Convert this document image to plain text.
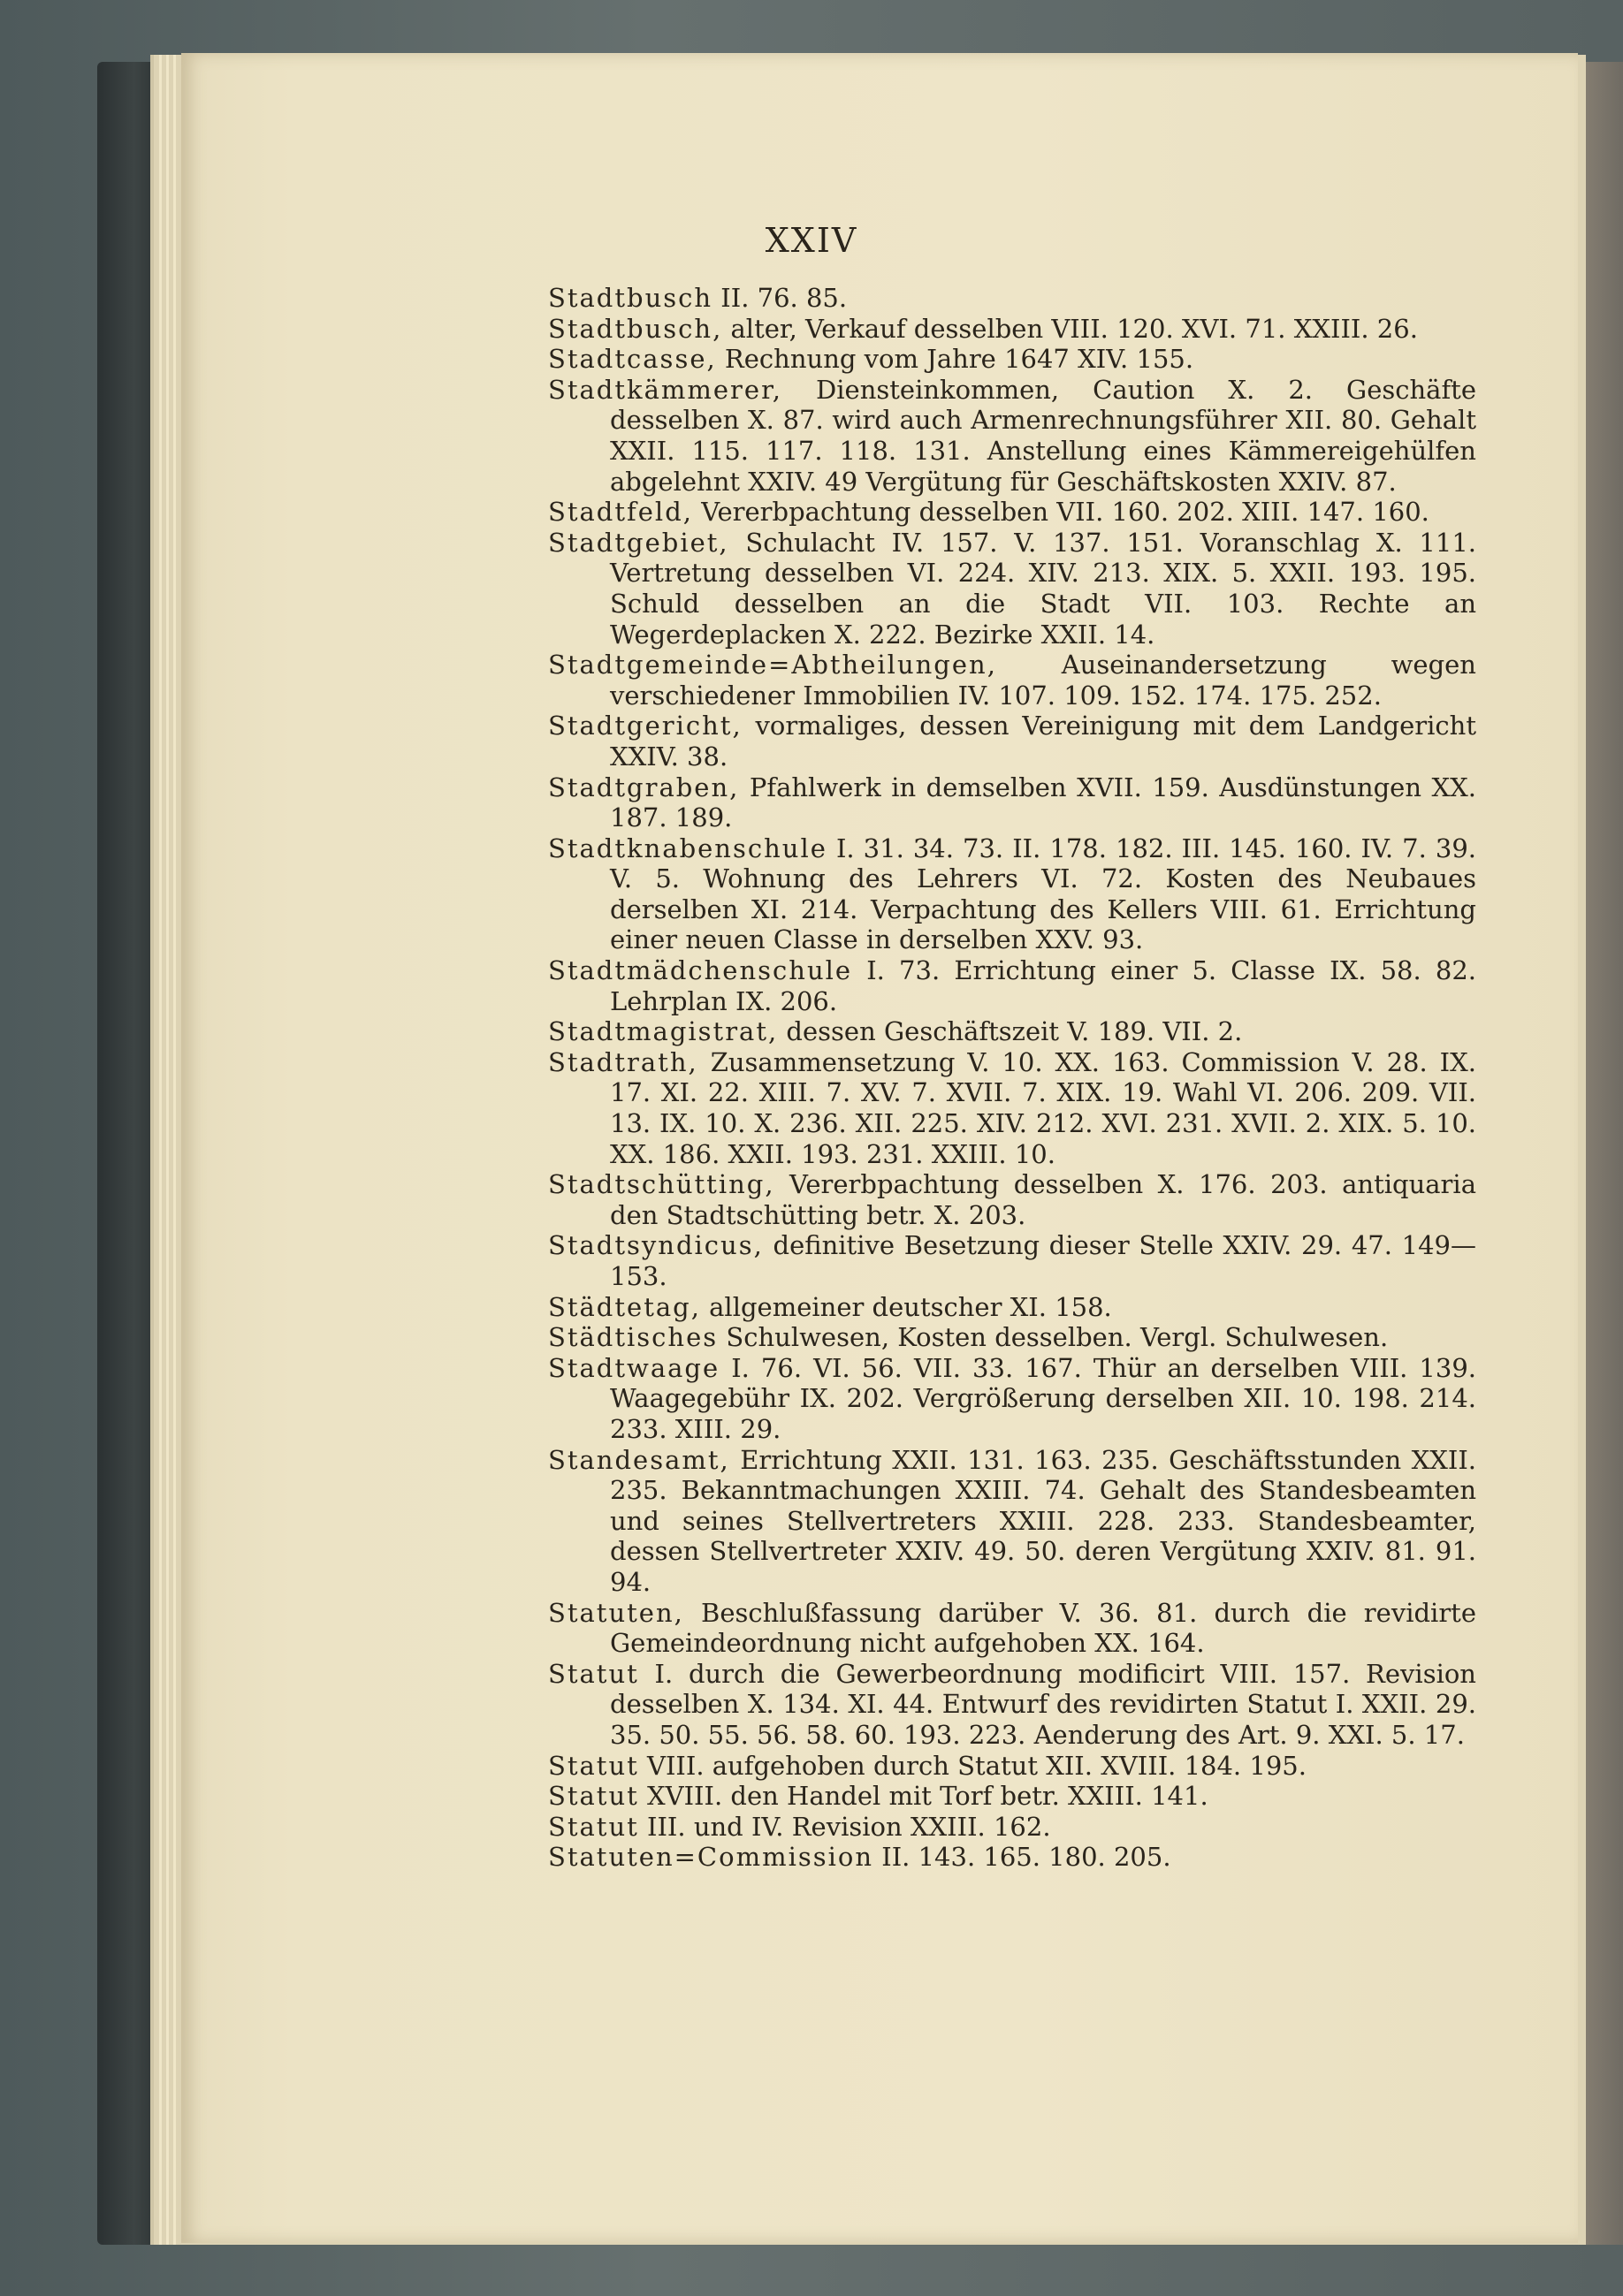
XXIV
Stadtbusch II. 76. 85.
Stadtbusch, alter, Verkauf desselben VIII. 120. XVI. 71. XXIII. 26.
Stadtcasse, Rechnung vom Jahre 1647 XIV. 155.
Stadtkämmerer, Diensteinkommen, Caution X. 2. Geschäfte desselben X. 87. wird auch Armenrechnungsführer XII. 80. Gehalt XXII. 115. 117. 118. 131. Anstellung eines Kämmereigehülfen abgelehnt XXIV. 49 Vergütung für Geschäftskosten XXIV. 87.
Stadtfeld, Vererbpachtung desselben VII. 160. 202. XIII. 147. 160.
Stadtgebiet, Schulacht IV. 157. V. 137. 151. Voranschlag X. 111. Vertretung desselben VI. 224. XIV. 213. XIX. 5. XXII. 193. 195. Schuld desselben an die Stadt VII. 103. Rechte an Wegerdeplacken X. 222. Bezirke XXII. 14.
Stadtgemeinde=Abtheilungen, Auseinandersetzung wegen verschiedener Immobilien IV. 107. 109. 152. 174. 175. 252.
Stadtgericht, vormaliges, dessen Vereinigung mit dem Landgericht XXIV. 38.
Stadtgraben, Pfahlwerk in demselben XVII. 159. Ausdünstungen XX. 187. 189.
Stadtknabenschule I. 31. 34. 73. II. 178. 182. III. 145. 160. IV. 7. 39. V. 5. Wohnung des Lehrers VI. 72. Kosten des Neubaues derselben XI. 214. Verpachtung des Kellers VIII. 61. Errichtung einer neuen Classe in derselben XXV. 93.
Stadtmädchenschule I. 73. Errichtung einer 5. Classe IX. 58. 82. Lehrplan IX. 206.
Stadtmagistrat, dessen Geschäftszeit V. 189. VII. 2.
Stadtrath, Zusammensetzung V. 10. XX. 163. Commission V. 28. IX. 17. XI. 22. XIII. 7. XV. 7. XVII. 7. XIX. 19. Wahl VI. 206. 209. VII. 13. IX. 10. X. 236. XII. 225. XIV. 212. XVI. 231. XVII. 2. XIX. 5. 10. XX. 186. XXII. 193. 231. XXIII. 10.
Stadtschütting, Vererbpachtung desselben X. 176. 203. antiquaria den Stadtschütting betr. X. 203.
Stadtsyndicus, definitive Besetzung dieser Stelle XXIV. 29. 47. 149—153.
Städtetag, allgemeiner deutscher XI. 158.
Städtisches Schulwesen, Kosten desselben. Vergl. Schulwesen.
Stadtwaage I. 76. VI. 56. VII. 33. 167. Thür an derselben VIII. 139. Waagegebühr IX. 202. Vergrößerung derselben XII. 10. 198. 214. 233. XIII. 29.
Standesamt, Errichtung XXII. 131. 163. 235. Geschäftsstunden XXII. 235. Bekanntmachungen XXIII. 74. Gehalt des Standesbeamten und seines Stellvertreters XXIII. 228. 233. Standesbeamter, dessen Stellvertreter XXIV. 49. 50. deren Vergütung XXIV. 81. 91. 94.
Statuten, Beschlußfassung darüber V. 36. 81. durch die revidirte Gemeindeordnung nicht aufgehoben XX. 164.
Statut I. durch die Gewerbeordnung modificirt VIII. 157. Revision desselben X. 134. XI. 44. Entwurf des revidirten Statut I. XXII. 29. 35. 50. 55. 56. 58. 60. 193. 223. Aenderung des Art. 9. XXI. 5. 17.
Statut VIII. aufgehoben durch Statut XII. XVIII. 184. 195.
Statut XVIII. den Handel mit Torf betr. XXIII. 141.
Statut III. und IV. Revision XXIII. 162.
Statuten=Commission II. 143. 165. 180. 205.
